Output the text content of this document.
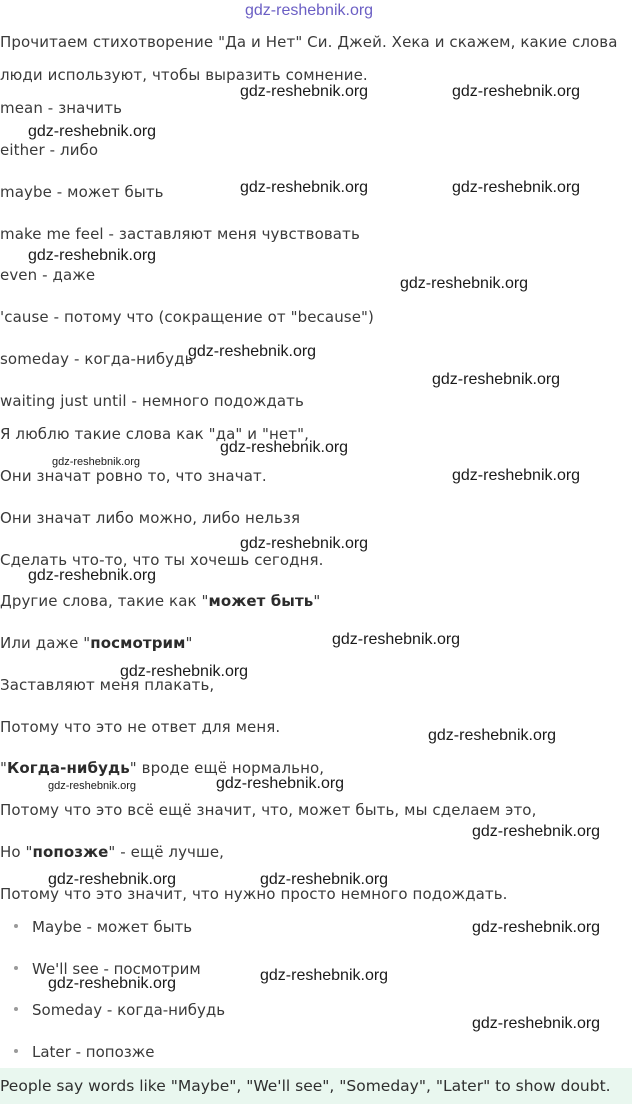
gdz-reshebnik.org
Прочитаем стихотворение "Да и Нет" Си. Джей. Хека и скажем, какие слова
люди используют, чтобы выразить сомнение.
mean - значить
either - либо
maybe - может быть
make me feel - заставляют меня чувствовать
even - даже
'cause - потому что (сокращение от "because")
someday - когда-нибудь
waiting just until - немного подождать
Я люблю такие слова как "да" и "нет",
Они значат ровно то, что значат.
Они значат либо можно, либо нельзя
Сделать что-то, что ты хочешь сегодня.
Другие слова, такие как "может быть"
Или даже "посмотрим"
Заставляют меня плакать,
Потому что это не ответ для меня.
"Когда-нибудь" вроде ещё нормально,
Потому что это всё ещё значит, что, может быть, мы сделаем это,
Но "попозже" - ещё лучше,
Потому что это значит, что нужно просто немного подождать.
Maybe - может быть
We'll see - посмотрим
Someday - когда-нибудь
Later - попозже
People say words like "Maybe", "We'll see", "Someday", "Later" to show doubt.
gdz-reshebnik.org	gdz-reshebnik.org
gdz-reshebnik.org
gdz-reshebnik.org	gdz-reshebnik.org
gdz-reshebnik.org
gdz-reshebnik.org
gdz-reshebnik.org
gdz-reshebnik.org
gdz-reshebnik.org
gdz-reshebnik.org
gdz-reshebnik.org
gdz-reshebnik.org
gdz-reshebnik.org
gdz-reshebnik.org
gdz-reshebnik.org
gdz-reshebnik.org
gdz-reshebnik.org	gdz-reshebnik.org
gdz-reshebnik.org
gdz-reshebnik.org	gdz-reshebnik.org
gdz-reshebnik.org
gdz-reshebnik.org	gdz-reshebnik.org
gdz-reshebnik.org
